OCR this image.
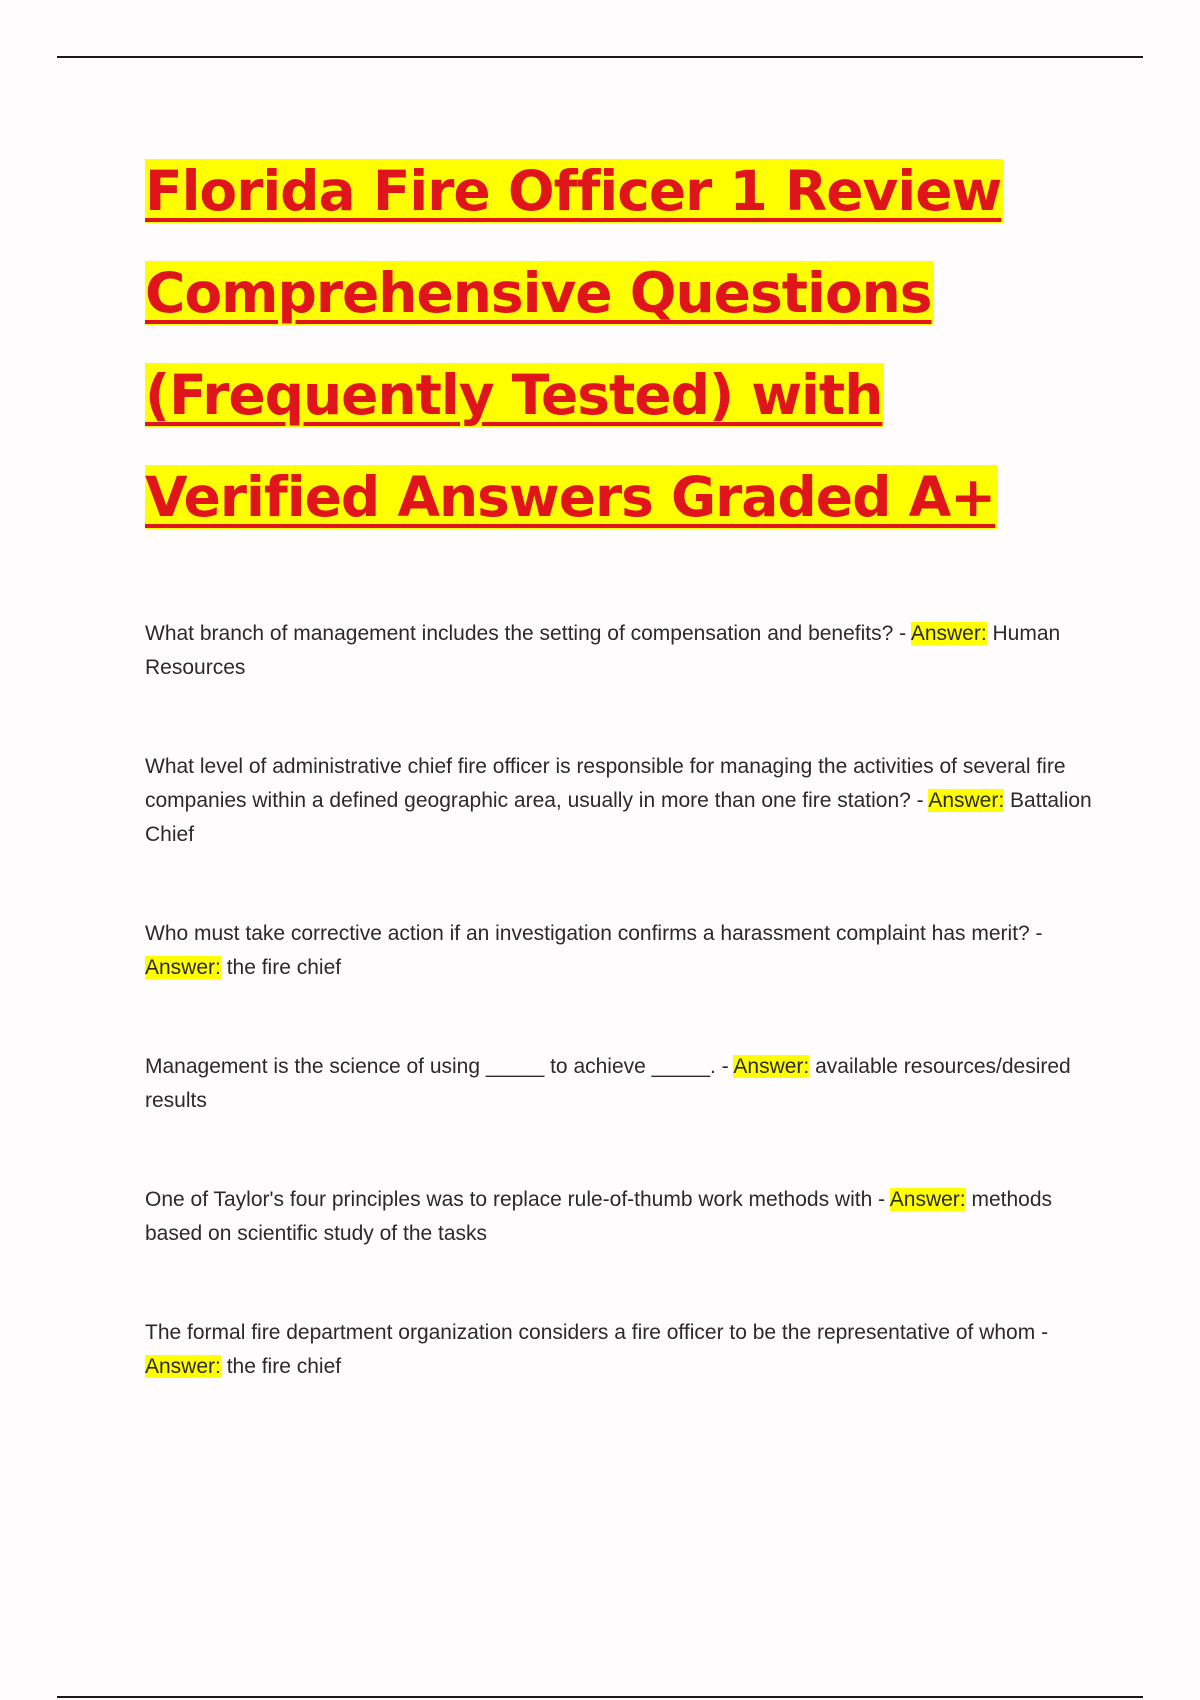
Florida Fire Officer 1 Review
Comprehensive Questions
(Frequently Tested) with
Verified Answers Graded A+

What branch of management includes the setting of compensation and benefits? - Answer: Human Resources

What level of administrative chief fire officer is responsible for managing the activities of several fire companies within a defined geographic area, usually in more than one fire station? - Answer: Battalion Chief

Who must take corrective action if an investigation confirms a harassment complaint has merit? - Answer: the fire chief

Management is the science of using _____ to achieve _____. - Answer: available resources/desired results

One of Taylor's four principles was to replace rule-of-thumb work methods with - Answer: methods based on scientific study of the tasks

The formal fire department organization considers a fire officer to be the representative of whom - Answer: the fire chief
